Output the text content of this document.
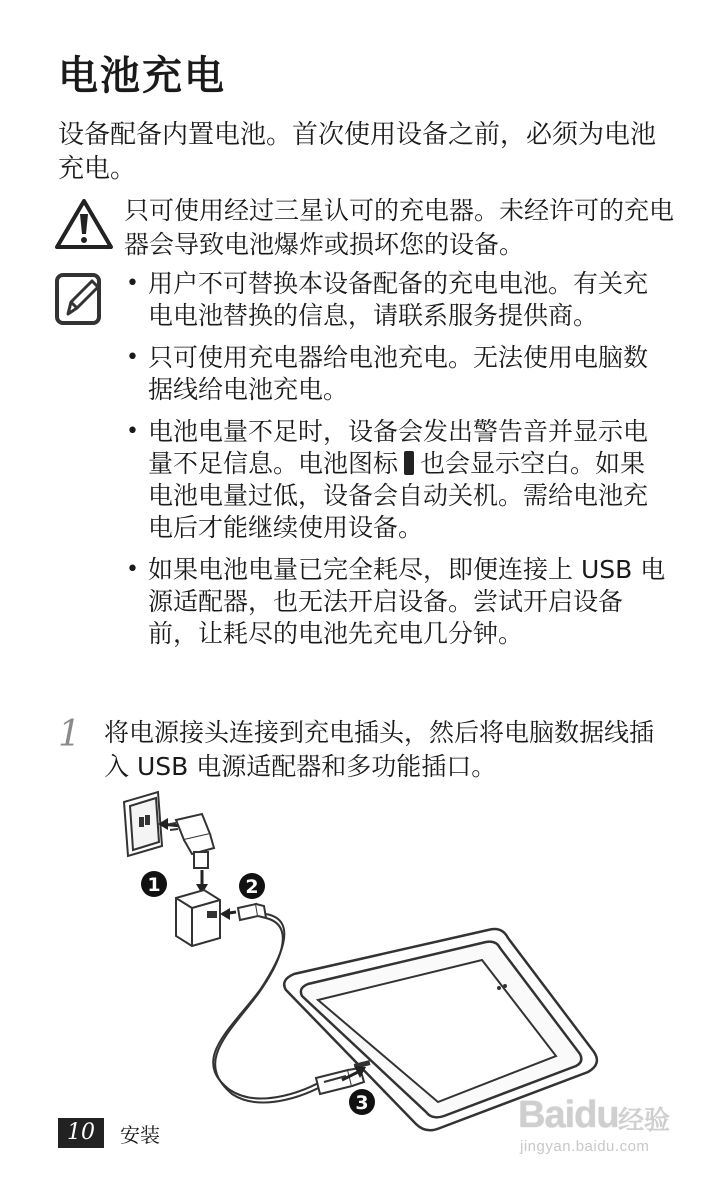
电池充电
设备配备内置电池。首次使用设备之前，必须为电池充电。
只可使用经过三星认可的充电器。未经许可的充电器会导致电池爆炸或损坏您的设备。
• 用户不可替换本设备配备的充电电池。有关充电电池替换的信息，请联系服务提供商。
• 只可使用充电器给电池充电。无法使用电脑数据线给电池充电。
• 电池电量不足时，设备会发出警告音并显示电量不足信息。电池图标 也会显示空白。如果电池电量过低，设备会自动关机。需给电池充电后才能继续使用设备。
• 如果电池电量已完全耗尽，即便连接上 USB 电源适配器，也无法开启设备。尝试开启设备前，让耗尽的电池先充电几分钟。
1 将电源接头连接到充电插头，然后将电脑数据线插入 USB 电源适配器和多功能插口。
1	2
3
10	安装	Baidu 经验
jingyan.baidu.com
